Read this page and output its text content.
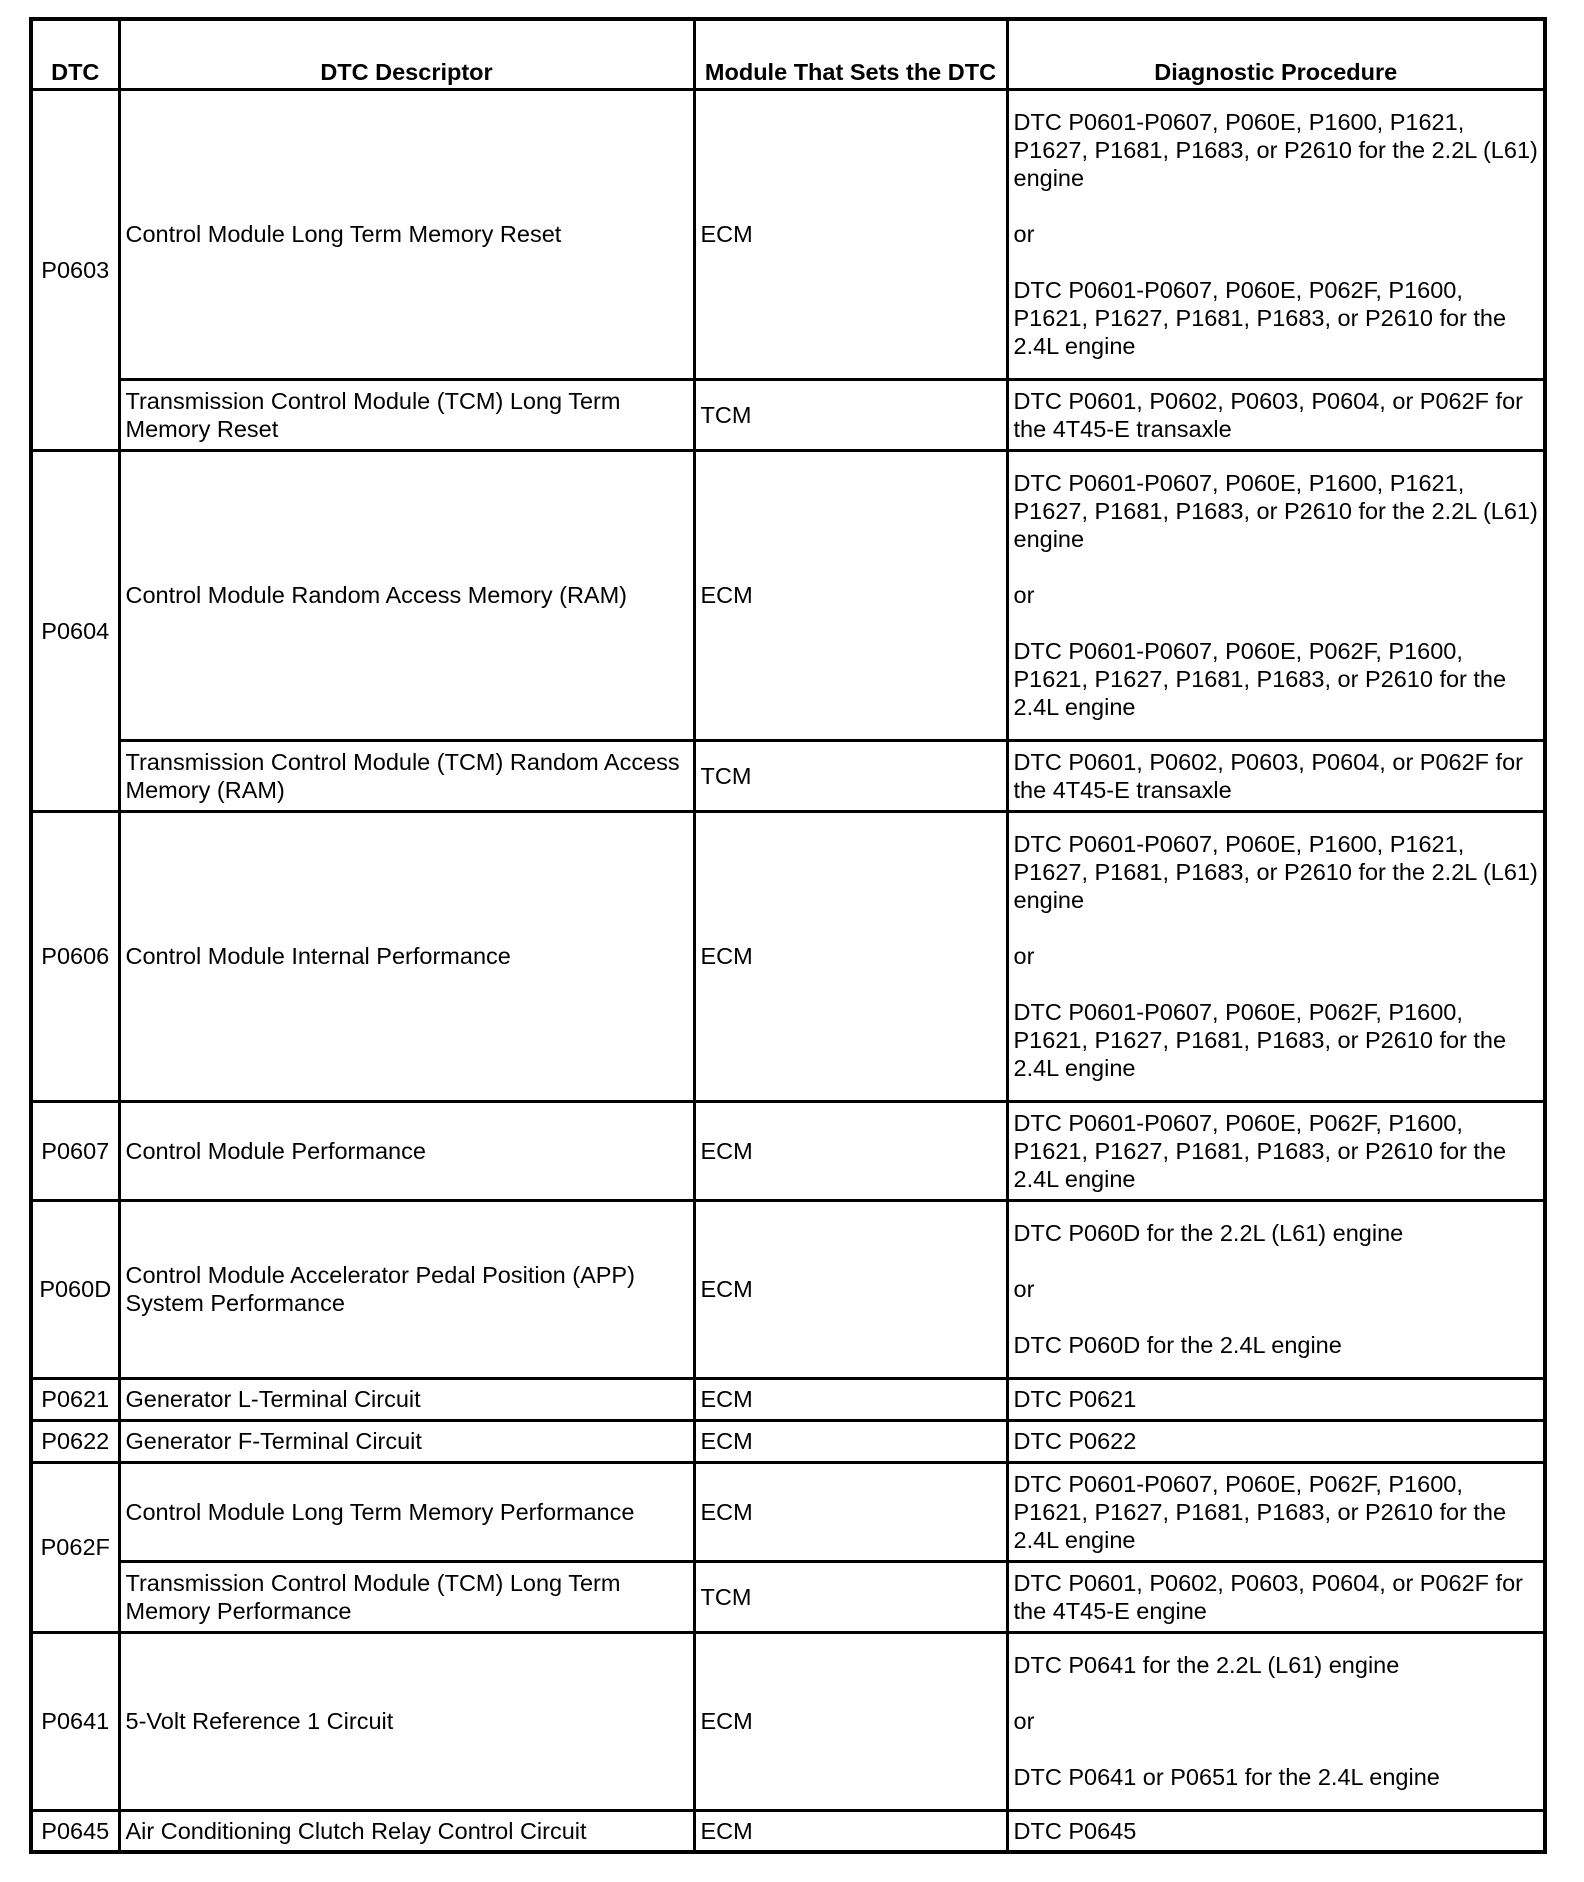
DTC	DTC Descriptor	Module That Sets the DTC	Diagnostic Procedure
P0603	Control Module Long Term Memory Reset	ECM	DTC P0601-P0607, P060E, P1600, P1621, P1627, P1681, P1683, or P2610 for the 2.2L (L61) engine
or
DTC P0601-P0607, P060E, P062F, P1600, P1621, P1627, P1681, P1683, or P2610 for the 2.4L engine

	Transmission Control Module (TCM) Long Term Memory Reset	TCM	DTC P0601, P0602, P0603, P0604, or P062F for the 4T45-E transaxle

P0604	Control Module Random Access Memory (RAM)	ECM	DTC P0601-P0607, P060E, P1600, P1621, P1627, P1681, P1683, or P2610 for the 2.2L (L61) engine
or
DTC P0601-P0607, P060E, P062F, P1600, P1621, P1627, P1681, P1683, or P2610 for the 2.4L engine

	Transmission Control Module (TCM) Random Access Memory (RAM)	TCM	DTC P0601, P0602, P0603, P0604, or P062F for the 4T45-E transaxle

P0606	Control Module Internal Performance	ECM	DTC P0601-P0607, P060E, P1600, P1621, P1627, P1681, P1683, or P2610 for the 2.2L (L61) engine
or
DTC P0601-P0607, P060E, P062F, P1600, P1621, P1627, P1681, P1683, or P2610 for the 2.4L engine

P0607	Control Module Performance	ECM	DTC P0601-P0607, P060E, P062F, P1600, P1621, P1627, P1681, P1683, or P2610 for the 2.4L engine

P060D	Control Module Accelerator Pedal Position (APP) System Performance	ECM	DTC P060D for the 2.2L (L61) engine
or
DTC P060D for the 2.4L engine

P0621	Generator L-Terminal Circuit	ECM	DTC P0621

P0622	Generator F-Terminal Circuit	ECM	DTC P0622

P062F	Control Module Long Term Memory Performance	ECM	DTC P0601-P0607, P060E, P062F, P1600, P1621, P1627, P1681, P1683, or P2610 for the 2.4L engine

	Transmission Control Module (TCM) Long Term Memory Performance	TCM	DTC P0601, P0602, P0603, P0604, or P062F for the 4T45-E engine

P0641	5-Volt Reference 1 Circuit	ECM	DTC P0641 for the 2.2L (L61) engine
or
DTC P0641 or P0651 for the 2.4L engine

P0645	Air Conditioning Clutch Relay Control Circuit	ECM	DTC P0645
